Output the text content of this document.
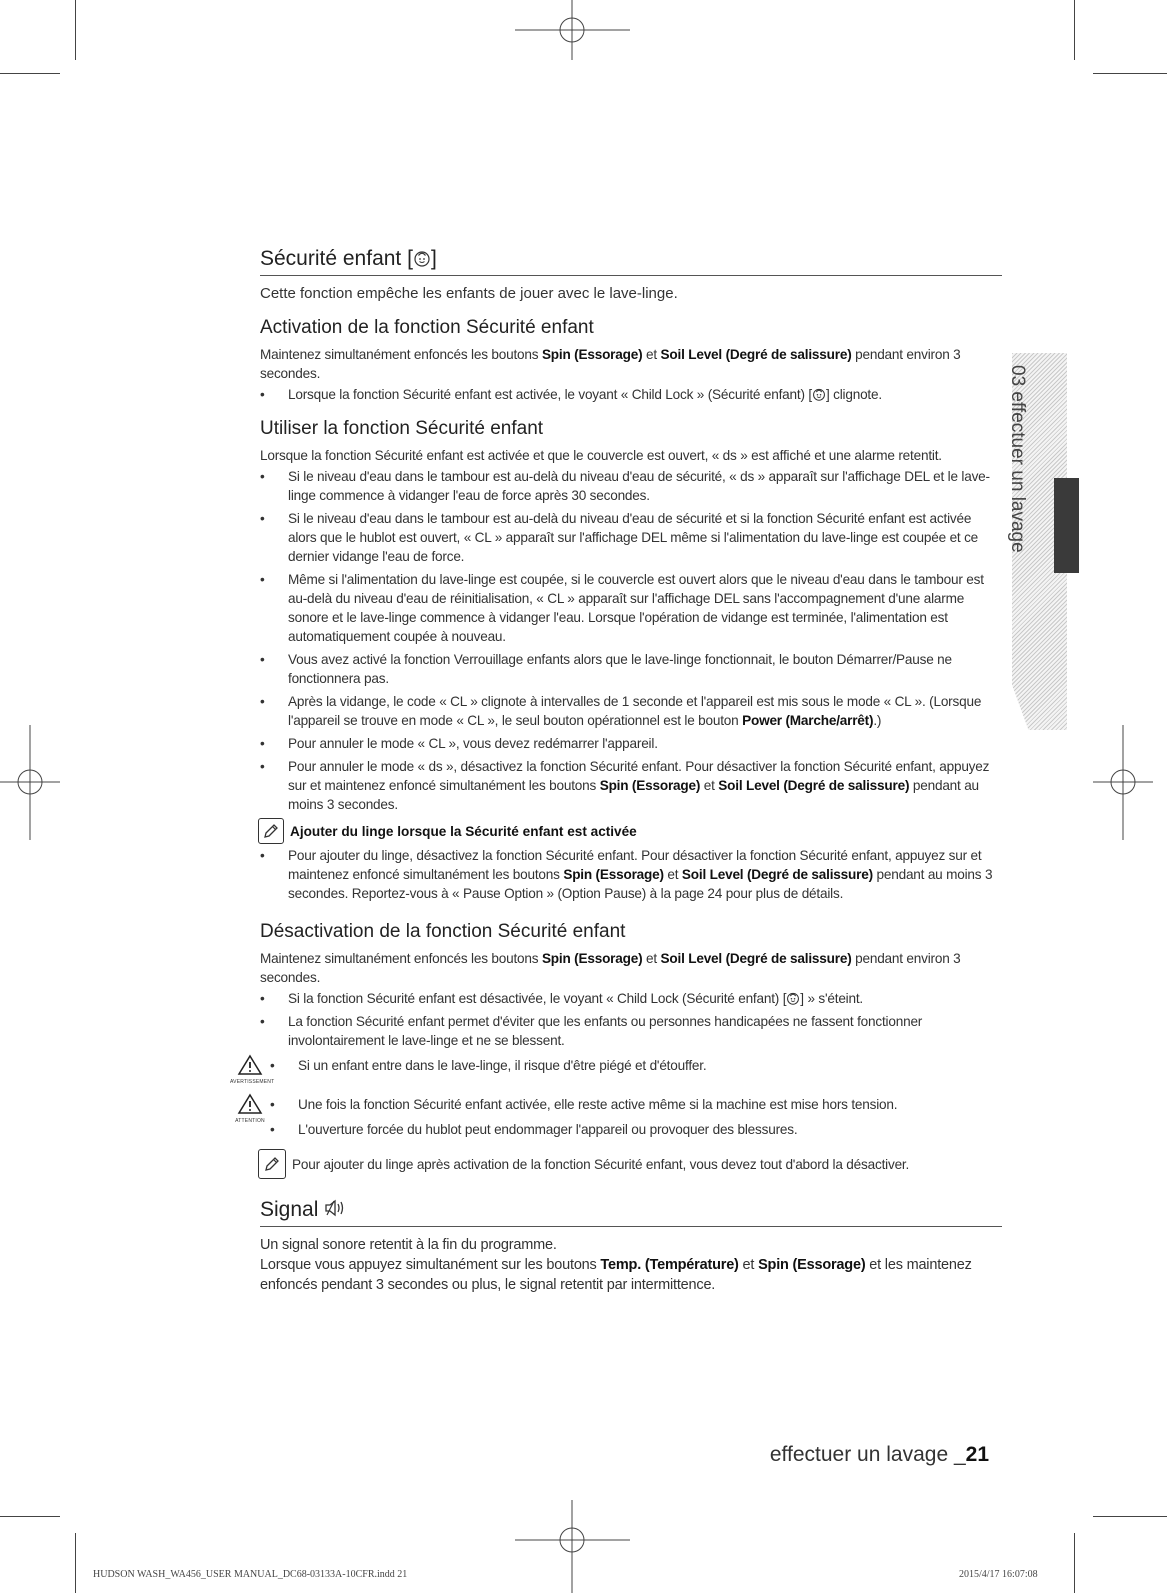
03 effectuer un lavage
Sécurité enfant [ ]

Cette fonction empêche les enfants de jouer avec le lave-linge.

Activation de la fonction Sécurité enfant

Maintenez simultanément enfoncés les boutons Spin (Essorage) et Soil Level (Degré de salissure) pendant environ 3 secondes.

• Lorsque la fonction Sécurité enfant est activée, le voyant « Child Lock » (Sécurité enfant) [ ] clignote.
Utiliser la fonction Sécurité enfant

Lorsque la fonction Sécurité enfant est activée et que le couvercle est ouvert, « ds » est affiché et une alarme retentit.

• Si le niveau d'eau dans le tambour est au-delà du niveau d'eau de sécurité, « ds » apparaît sur l'affichage DEL et le lave-linge commence à vidanger l'eau de force après 30 secondes.
• Si le niveau d'eau dans le tambour est au-delà du niveau d'eau de sécurité et si la fonction Sécurité enfant est activée alors que le hublot est ouvert, « CL » apparaît sur l'affichage DEL même si l'alimentation du lave-linge est coupée et ce dernier vidange l'eau de force.
• Même si l'alimentation du lave-linge est coupée, si le couvercle est ouvert alors que le niveau d'eau dans le tambour est au-delà du niveau d'eau de réinitialisation, « CL » apparaît sur l'affichage DEL sans l'accompagnement d'une alarme sonore et le lave-linge commence à vidanger l'eau. Lorsque l'opération de vidange est terminée, l'alimentation est automatiquement coupée à nouveau.
• Vous avez activé la fonction Verrouillage enfants alors que le lave-linge fonctionnait, le bouton Démarrer/Pause ne fonctionnera pas.
• Après la vidange, le code « CL » clignote à intervalles de 1 seconde et l'appareil est mis sous le mode « CL ». (Lorsque l'appareil se trouve en mode « CL », le seul bouton opérationnel est le bouton Power (Marche/arrêt).)
• Pour annuler le mode « CL », vous devez redémarrer l'appareil.
• Pour annuler le mode « ds », désactivez la fonction Sécurité enfant. Pour désactiver la fonction Sécurité enfant, appuyez sur et maintenez enfoncé simultanément les boutons Spin (Essorage) et Soil Level (Degré de salissure) pendant au moins 3 secondes.
Ajouter du linge lorsque la Sécurité enfant est activée
• Pour ajouter du linge, désactivez la fonction Sécurité enfant. Pour désactiver la fonction Sécurité enfant, appuyez sur et maintenez enfoncé simultanément les boutons Spin (Essorage) et Soil Level (Degré de salissure) pendant au moins 3 secondes. Reportez-vous à « Pause Option » (Option Pause) à la page 24 pour plus de détails.
Désactivation de la fonction Sécurité enfant

Maintenez simultanément enfoncés les boutons Spin (Essorage) et Soil Level (Degré de salissure) pendant environ 3 secondes.

• Si la fonction Sécurité enfant est désactivée, le voyant « Child Lock (Sécurité enfant) [ ] » s'éteint.
• La fonction Sécurité enfant permet d'éviter que les enfants ou personnes handicapées ne fassent fonctionner involontairement le lave-linge et ne se blessent.
AVERTISSEMENT
• Si un enfant entre dans le lave-linge, il risque d'être piégé et d'étouffer.
ATTENTION
• Une fois la fonction Sécurité enfant activée, elle reste active même si la machine est mise hors tension.
• L'ouverture forcée du hublot peut endommager l'appareil ou provoquer des blessures.
Pour ajouter du linge après activation de la fonction Sécurité enfant, vous devez tout d'abord la désactiver.
Signal

Un signal sonore retentit à la fin du programme.

Lorsque vous appuyez simultanément sur les boutons Temp. (Température) et Spin (Essorage) et les maintenez enfoncés pendant 3 secondes ou plus, le signal retentit par intermittence.

effectuer un lavage _21
HUDSON WASH_WA456_USER MANUAL_DC68-03133A-10CFR.indd 21	2015/4/17 16:07:08
